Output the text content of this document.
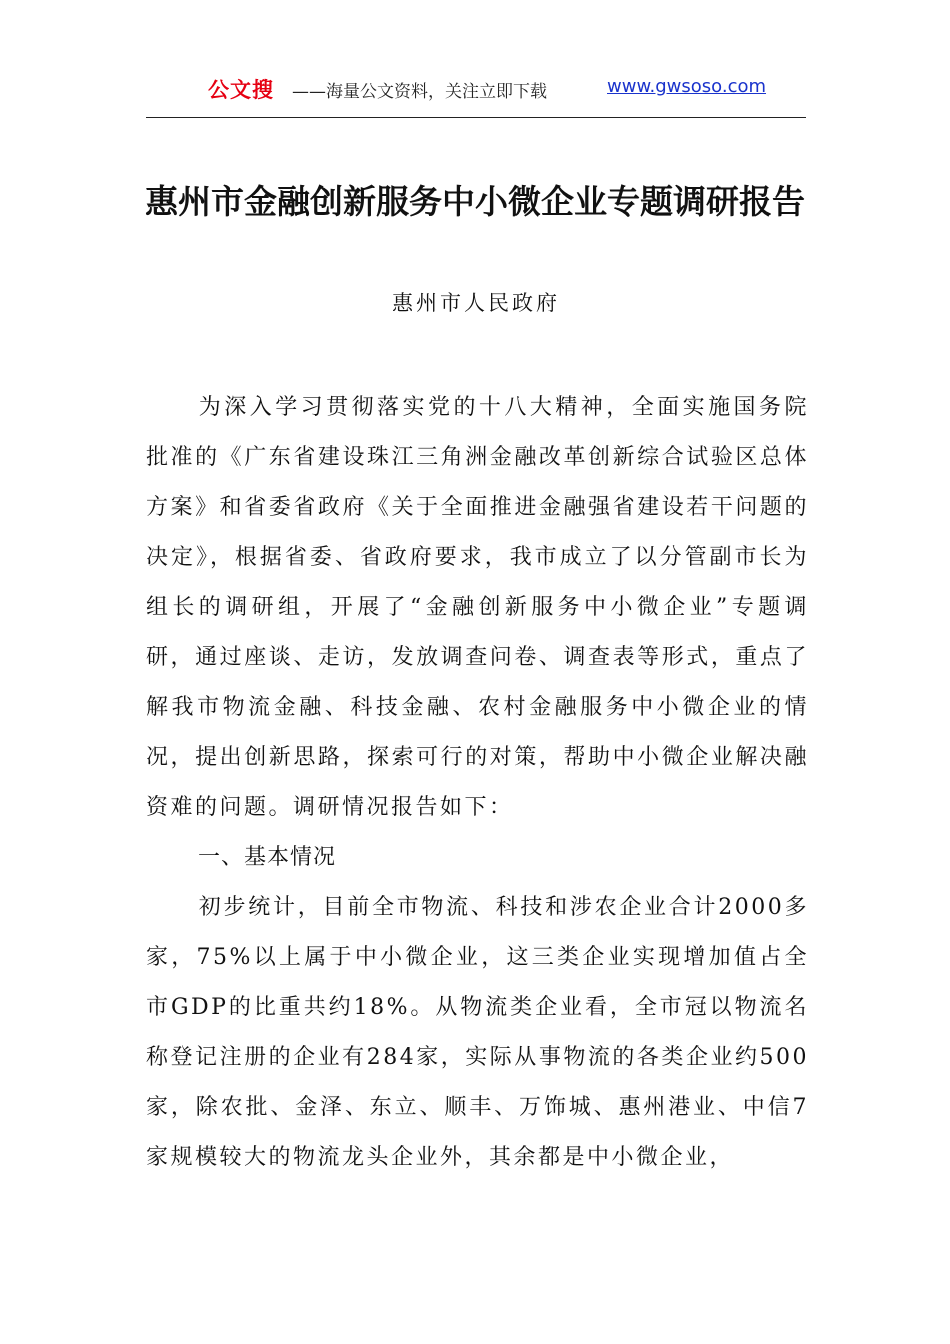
公文搜 ——海量公文资料，关注立即下载	www.gwsoso.com
惠州市金融创新服务中小微企业专题调研报告
惠州市人民政府

为深入学习贯彻落实党的十八大精神，全面实施国务院批准的《广东省建设珠江三角洲金融改革创新综合试验区总体方案》和省委省政府《关于全面推进金融强省建设若干问题的决定》，根据省委、省政府要求，我市成立了以分管副市长为组长的调研组，开展了“金融创新服务中小微企业”专题调研，通过座谈、走访，发放调查问卷、调查表等形式，重点了解我市物流金融、科技金融、农村金融服务中小微企业的情况，提出创新思路，探索可行的对策，帮助中小微企业解决融资难的问题。调研情况报告如下：

一、基本情况

初步统计，目前全市物流、科技和涉农企业合计2000多家，75%以上属于中小微企业，这三类企业实现增加值占全市GDP的比重共约18%。从物流类企业看，全市冠以物流名称登记注册的企业有284家，实际从事物流的各类企业约500家，除农批、金泽、东立、顺丰、万饰城、惠州港业、中信7家规模较大的物流龙头企业外，其余都是中小微企业，
